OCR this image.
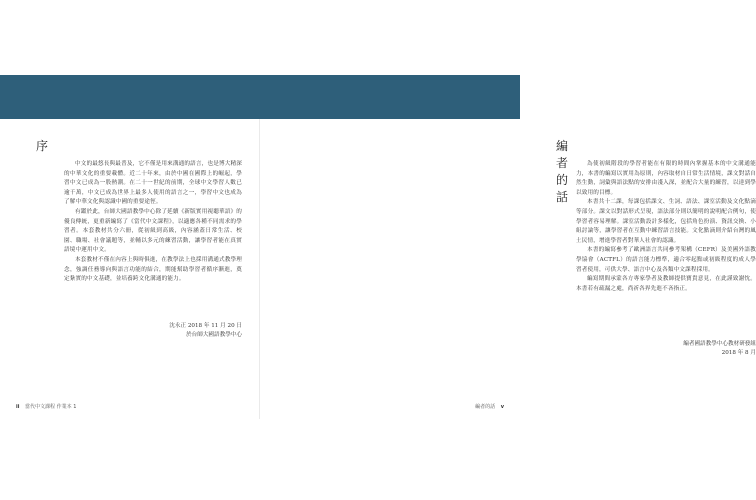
序

中文的最悠長與最普及，它不僅是用來溝通的語言，也是博大精深的中華文化的重要載體。近二十年來，由於中國在國際上的崛起，學習中文已成為一股熱潮。在二十一世紀的前期，全球中文學習人數已逾千萬，中文已成為世界上最多人使用的語言之一，學習中文也成為了解中華文化與認識中國的重要途徑。

有鑑於此，台師大國語教學中心除了延續《新版實用視聽華語》的優良傳統，更重新編寫了《當代中文課程》，以適應各種不同需求的學習者。本套教材共分六冊，從初級到高級，內容涵蓋日常生活、校園、職場、社會議題等，並輔以多元的練習活動，讓學習者能在真實語境中運用中文。

本套教材不僅在內容上與時俱進，在教學法上也採用溝通式教學理念，強調任務導向與語言功能的結合，期能幫助學習者循序漸進，奠定紮實的中文基礎，並培養跨文化溝通的能力。

沈永正 2018 年 11 月 20 日
於台師大國語教學中心
ii 當代中文課程 作業本 1
編者的話

為使初級階段的學習者能在有限的時間內掌握基本的中文溝通能力，本書的編寫以實用為原則，內容取材自日常生活情境，課文對話自然生動，詞彙與語法點的安排由淺入深，並配合大量的練習，以達到學以致用的目標。

本書共十二課，每課包括課文、生詞、語法、課室活動及文化點滴等部分。課文以對話形式呈現，語法部分則以簡明的說明配合例句，使學習者容易理解。課室活動設計多樣化，包括角色扮演、資訊交換、小組討論等，讓學習者在互動中練習語言技能。文化點滴則介紹台灣的風土民情，增進學習者對華人社會的認識。

本書的編寫參考了歐洲語言共同參考架構（CEFR）及美國外語教學協會（ACTFL）的語言能力標準，適合零起點或初級程度的成人學習者使用，可供大學、語言中心及各類中文課程採用。

編寫期間承蒙各方專家學者及教師提供寶貴意見，在此謹致謝忱。本書若有疏漏之處，尚祈各界先進不吝指正。

編者國語教學中心教材研發組
2018 年 8 月
編者的話 v
